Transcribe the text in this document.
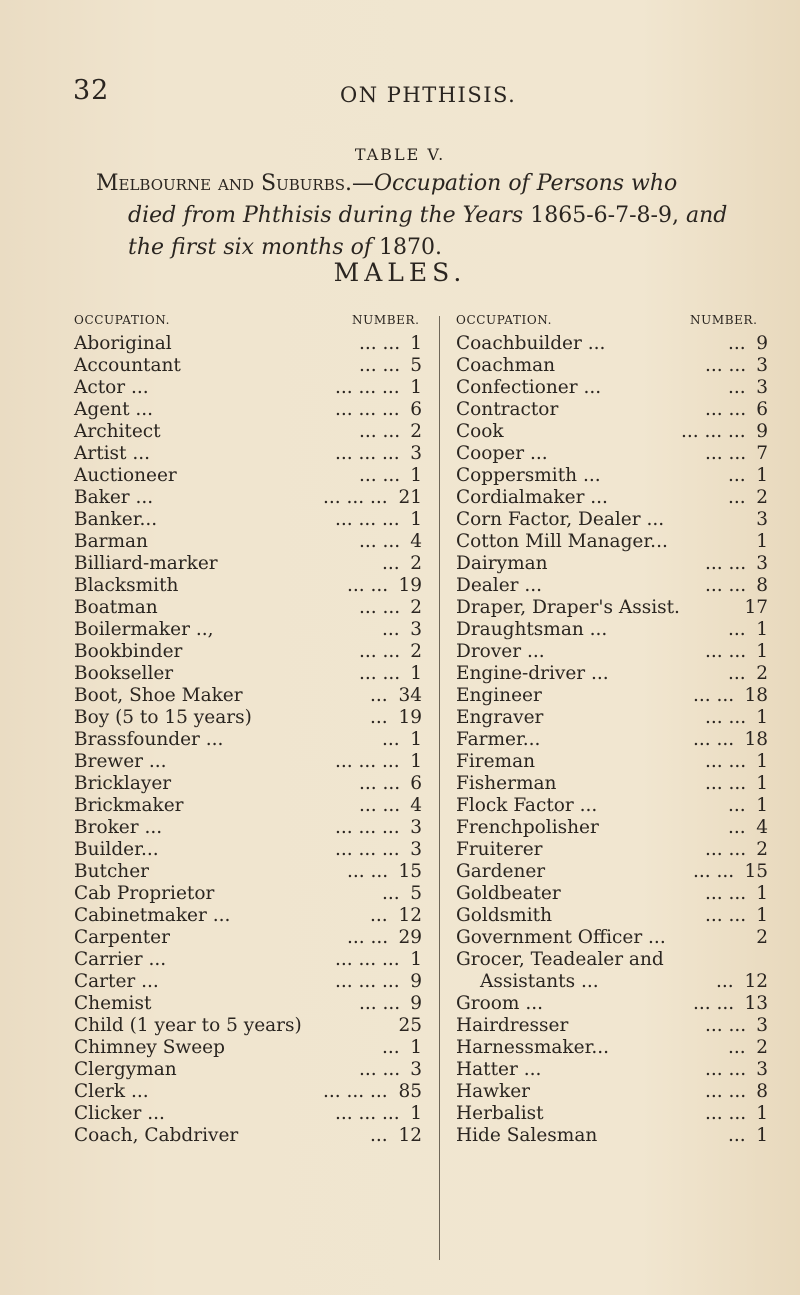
32	ON PHTHISIS.
TABLE V.
Melbourne and Suburbs.—Occupation of Persons who
died from Phthisis during the Years 1865-6-7-8-9, and
the first six months of 1870.
MALES.
OCCUPATION.	NUMBER.
Aboriginal	... ... 1
Accountant	... ... 5
Actor ...	... ... ... 1
Agent ...	... ... ... 6
Architect	... ... 2
Artist ...	... ... ... 3
Auctioneer	... ... 1
Baker ...	... ... ... 21
Banker...	... ... ... 1
Barman	... ... 4
Billiard-marker	... 2
Blacksmith	... ... 19
Boatman	... ... 2
Boilermaker ..,	... 3
Bookbinder	... ... 2
Bookseller	... ... 1
Boot, Shoe Maker	... 34
Boy (5 to 15 years)	... 19
Brassfounder ...	... 1
Brewer ...	... ... ... 1
Bricklayer	... ... 6
Brickmaker	... ... 4
Broker ...	... ... ... 3
Builder...	... ... ... 3
Butcher	... ... 15
Cab Proprietor	... 5
Cabinetmaker ...	... 12
Carpenter	... ... 29
Carrier ...	... ... ... 1
Carter ...	... ... ... 9
Chemist	... ... 9
Child (1 year to 5 years)	25
Chimney Sweep	... 1
Clergyman	... ... 3
Clerk ...	... ... ... 85
Clicker ...	... ... ... 1
Coach, Cabdriver	... 12
OCCUPATION.	NUMBER.
Coachbuilder ...	... 9
Coachman	... ... 3
Confectioner ...	... 3
Contractor	... ... 6
Cook	... ... ... 9
Cooper ...	... ... 7
Coppersmith ...	... 1
Cordialmaker ...	... 2
Corn Factor, Dealer ...	3
Cotton Mill Manager...	1
Dairyman	... ... 3
Dealer ...	... ... 8
Draper, Draper's Assist.	17
Draughtsman ...	... 1
Drover ...	... ... 1
Engine-driver ...	... 2
Engineer	... ... 18
Engraver	... ... 1
Farmer...	... ... 18
Fireman	... ... 1
Fisherman	... ... 1
Flock Factor ...	... 1
Frenchpolisher	... 4
Fruiterer	... ... 2
Gardener	... ... 15
Goldbeater	... ... 1
Goldsmith	... ... 1
Government Officer ...	2
Grocer, Teadealer and
Assistants ...	... 12
Groom ...	... ... 13
Hairdresser	... ... 3
Harnessmaker...	... 2
Hatter ...	... ... 3
Hawker	... ... 8
Herbalist	... ... 1
Hide Salesman	... 1
